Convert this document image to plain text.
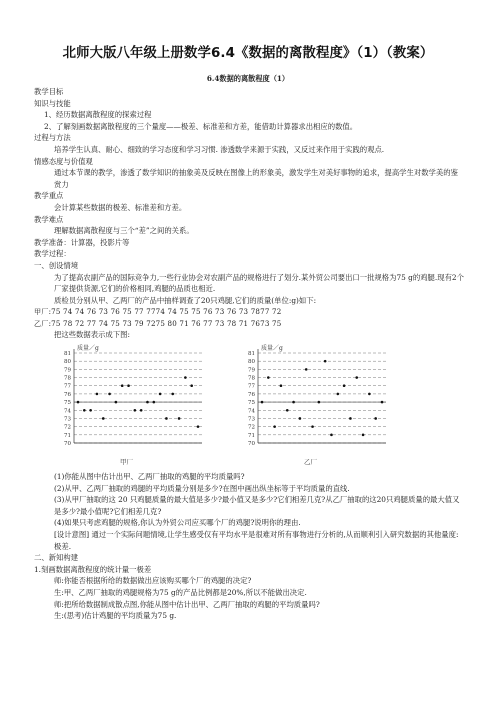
北师大版八年级上册数学6.4《数据的离散程度》（1）（教案）
6.4数据的离散程度（1）
教学目标
知识与技能
1、经历数据离散程度的探索过程
2、了解刻画数据离散程度的三个量度——极差、标准差和方差，能借助计算器求出相应的数值。
过程与方法
培养学生认真、耐心、细致的学习态度和学习习惯. 渗透数学来源于实践，又反过来作用于实践的观点.
情感态度与价值观
通过本节课的教学，渗透了数学知识的抽象美及反映在图像上的形象美，激发学生对美好事物的追求，提高学生对数学美的鉴赏力
教学重点
会计算某些数据的极差、标准差和方差。
教学难点
理解数据离散程度与三个“差”之间的关系。
教学准备：计算器，投影片等
教学过程：
一、创设情境
为了提高农副产品的国际竞争力,一些行业协会对农副产品的规格进行了划分.某外贸公司要出口一批规格为75 g的鸡腿.现有2个厂家提供货源,它们的价格相同,鸡腿的品质也相近.
质检员分别从甲、乙两厂的产品中抽样调查了20只鸡腿,它们的质量(单位:g)如下:
甲厂:75 74 74 76 73 76 75 77 7774 74 75 75 76 73 76 73 7877 72
乙厂:75 78 72 77 74 75 73 79 7275 80 71 76 77 73 78 71 7673 75
把这些数据表示成下图:
质量／g
70
71
72
73
74
75
76
77
78
79
80
81
甲厂
质量／g
70
71
72
73
74
75
76
77
78
79
80
81
乙厂
(1)你能从图中估计出甲、乙两厂抽取的鸡腿的平均质量吗?
(2)从甲、乙两厂抽取的鸡腿的平均质量分别是多少?在图中画出纵坐标等于平均质量的直线.
(3)从甲厂抽取的这 20 只鸡腿质量的最大值是多少?最小值又是多少?它们相差几克?从乙厂抽取的这20只鸡腿质量的最大值又是多少?最小值呢?它们相差几克?
(4)如果只考虑鸡腿的规格,你认为外贸公司应买哪个厂的鸡腿?说明你的理由.
[设计意图] 通过一个实际问题情境,让学生感受仅有平均水平是很难对所有事物进行分析的,从而顺利引入研究数据的其他量度:极差.
二、新知构建
1.刻画数据离散程度的统计量一极差
师:你能否根据所给的数据做出应该购买哪个厂的鸡腿的决定?
生:甲、乙两厂抽取的鸡腿规格为75 g的产品比例都是20%,所以不能做出决定.
师:把所给数据制成散点图,你能从图中估计出甲、乙两厂抽取的鸡腿的平均质量吗?
生:(思考)估计鸡腿的平均质量为75 g.
